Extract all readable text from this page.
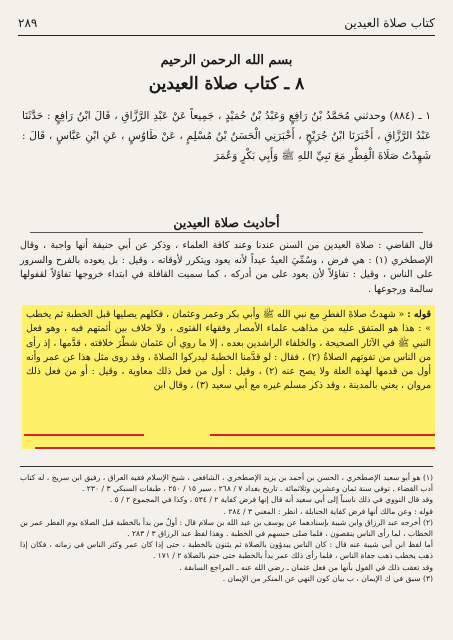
كتاب صلاة العيدين
٢٨٩
بسم الله الرحمن الرحيم
٨ ـ كتاب صلاة العيدين
١ ـ (٨٨٤) وحدثني مُحَمَّدُ بْنُ رَافِعٍ وَعَبْدُ بْنُ حُمَيْدٍ ، جَمِيعاً عَنْ عَبْدِ الرَّزَّاقِ ، قَالَ ابْنُ رَافِعٍ : حَدَّثَنَا عَبْدُ الرَّزَّاقِ ، أَخْبَرَنَا ابْنُ جُرَيْجٍ ، أَخْبَرَنِي الْحَسَنُ بْنُ مُسْلِمٍ ، عَنْ طَاوُسٍ ، عَنِ ابْنِ عَبَّاسٍ ، قَالَ : شَهِدْتُ صَلَاةَ الْفِطْرِ مَعَ نَبِيِّ اللهِ ﷺ وَأَبِي بَكْرٍ وَعُمَرَ
أحاديث صلاة العيدين
قال القاضي : صلاة العيدين من السنن عندنا وعند كافة العلماء ، وذكر عن أبي حنيفة أنها واجبة ، وقال الإصطخري (١) : هي فرض ، وسُمِّيَ العيدُ عيداً لأنه يعود ويتكرر لأوقاته ، وقيل : بل يعوده بالفرح والسرور على الناس ، وقيل : تفاؤلاً لأن يعود على من أدركه ، كما سميت القافلة في ابتداء خروجها تفاؤلاً لقفولها سالمة ورجوعها .
قوله : « شهدتُ صلاةَ الفطرِ مع نبي الله ﷺ وأبي بكر وعمر وعثمان ، فكلهم يصليها قبل الخطبة ثم يخطب » : هذا هو المتفق عليه من مذاهب علماء الأمصار وفقهاء الفتوى ، ولا خلاف بين أئمتهم فيه ، وهو فعل النبي ﷺ في الآثار الصحيحة ، والخلفاء الراشدين بعده ، إلا ما روي أن عثمان شطْرَ خلافته ، قدَّمها ، إذ رأى من الناس من تفوتهم الصلاةُ (٢) ، فقال : لو قدَّمنا الخطبةَ ليدركوا الصلاةَ ، وقد روى مثل هذا عن عمر وأنه أول من قدمها لهذه العلة ولا يصح عنه (٢) ، وقيل : أول من فعل ذلك معاوية ، وقيل : أو من فعل ذلك مروان ، يعني بالمدينة ، وقد ذكر مسلم غيره مع أبي سعيد (٣) ، وقال ابن

(١) هو أبو سعيد الإصطخري ، الحسن بن أحمد بن يزيد الإصطخري ، الشافعي ، شيخ الإسلام فقيه العراق ، رفيق ابن سريج ، له كتاب أدب القضاء . توفي سنة ثمان وعشرين وثلاثمائة . تاريخ بغداد ٧ / ٢٦٨ ، سير ١٥ / ٢٥٠ ، طبقات السبكي ٣ / ٢٣٠ .

وقد قال النووي في ذلك ناسباً إلى أبي سعيد أنه قال إنها فرض كفاية ٢ / ٥٣٤ ، وكذا في المجموع ٢ / ٥ .

قوله : وعن مالك أنها فرض كفاية الحنابلة ، انظر : المغني ٣ / ٢٨٤ .

(٢) أخرجه عبد الرزاق وابن شيبة بإسنادهما عن يوسف بن عبد الله بن سلام قال : أولُ من بدأ بالخطبة قبل الصلاة يوم الفطر عمر بن الخطاب ، لما رأى الناس ينقصون ، فلما صلى حبسهم في الخطبة . وهذا لفظ عبد الرزاق ٣ / ٢٨٣ .

أما لفظ ابن أبي شيبة عنه قال : كان الناس يبدؤون بالصلاة ثم يثنون بالخطبة ، حتى إذا كان عمر وكثر الناس في زمانه ، فكان إذا ذهب يخطب ذهب جفاة الناس ، فلما رأى ذلك عمر بدأ بالخطبة حتى ختم بالصلاة ٢ / ١٧١ .

وقد تعقب ذلك في القول بأنها من فعل عثمان ـ رضي الله عنه ـ المراجع السابقة .

(٣) سبق في ك الإيمان ، ب بيان كون النهي عن المنكر من الإيمان .
